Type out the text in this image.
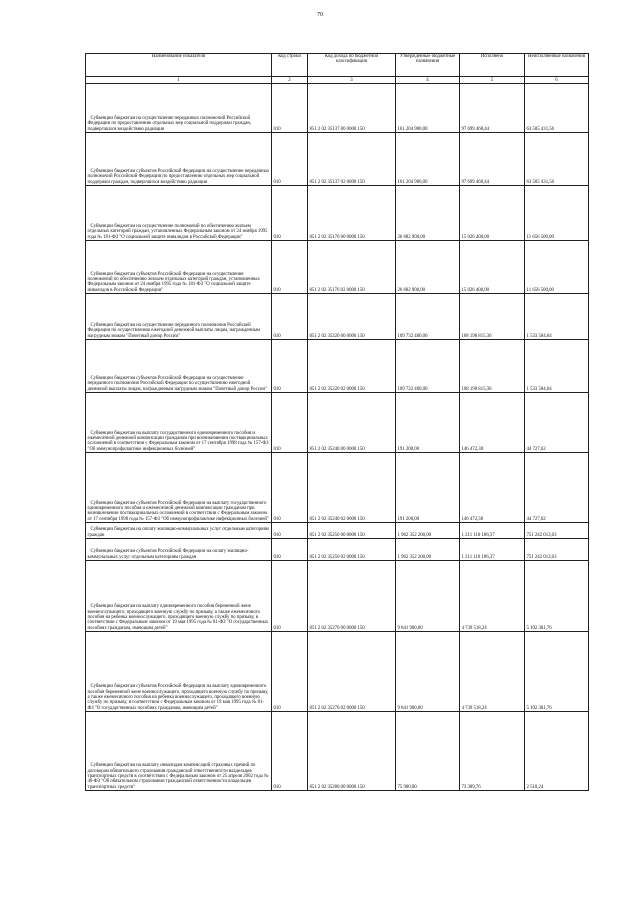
70
Наименование показателя	Код строки	Код дохода по бюджетной классификации	Утвержденные бюджетные назначения	Исполнено	Неисполненные назначения
1	2	3	4	5	6

Субвенции бюджетам на осуществление переданных полномочий Российской Федерации по предоставлению отдельных мер социальной поддержки граждан, подвергшихся воздействию радиации	010	851 2 02 35137 00 0000 150	161 204 900,00	97 699 468,44	63 505 431,56

Субвенции бюджетам субъектов Российской Федерации на осуществление переданных полномочий Российской Федерации по предоставлению отдельных мер социальной поддержки граждан, подвергшихся воздействию радиации	010	851 2 02 35137 02 0000 150	161 204 900,00	97 699 468,44	63 505 431,56

Субвенции бюджетам на осуществление полномочий по обеспечению жильем отдельных категорий граждан, установленных Федеральным законом от 24 ноября 1995 года № 181-ФЗ "О социальной защите инвалидов в Российской Федерации"	010	851 2 02 35176 00 0000 150	26 682 900,00	15 026 400,00	11 656 500,00

Субвенции бюджетам субъектов Российской Федерации на осуществление полномочий по обеспечению жильем отдельных категорий граждан, установленных Федеральным законом от 24 ноября 1995 года № 181-ФЗ "О социальной защите инвалидов в Российской Федерации"	010	851 2 02 35176 02 0000 150	26 682 900,00	15 026 400,00	11 656 500,00

Субвенции бюджетам на осуществление переданного полномочия Российской Федерации по осуществлению ежегодной денежной выплаты лицам, награжденным нагрудным знаком "Почетный донор России"	010	851 2 02 35220 00 0000 150	109 732 400,00	108 198 815,36	1 533 584,64

Субвенции бюджетам субъектов Российской Федерации на осуществление переданного полномочия Российской Федерации по осуществлению ежегодной денежной выплаты лицам, награжденным нагрудным знаком "Почетный донор России"	010	851 2 02 35220 02 0000 150	109 732 400,00	108 198 815,36	1 533 584,64

Субвенции бюджетам на выплату государственного единовременного пособия и ежемесячной денежной компенсации гражданам при возникновении поствакцинальных осложнений в соответствии с Федеральным законом от 17 сентября 1998 года № 157-ФЗ "Об иммунопрофилактике инфекционных болезней"	010	851 2 02 35240 00 0000 150	191 200,00	146 472,38	44 727,62

Субвенции бюджетам субъектов Российской Федерации на выплату государственного единовременного пособия и ежемесячной денежной компенсации гражданам при возникновении поствакцинальных осложнений в соответствии с Федеральным законом от 17 сентября 1998 года № 157-ФЗ "Об иммунопрофилактике инфекционных болезней"	010	851 2 02 35240 02 0000 150	191 200,00	146 472,38	44 727,62

Субвенции бюджетам на оплату жилищно-коммунальных услуг отдельным категориям граждан	010	851 2 02 35250 00 0000 150	1 962 352 200,00	1 211 110 186,37	751 242 013,63

Субвенции бюджетам субъектов Российской Федерации на оплату жилищно-коммунальных услуг отдельным категориям граждан	010	851 2 02 35250 02 0000 150	1 962 352 200,00	1 211 110 186,37	751 242 013,63

Субвенции бюджетам на выплату единовременного пособия беременной жене военнослужащего, проходящего военную службу по призыву, а также ежемесячного пособия на ребенка военнослужащего, проходящего военную службу по призыву, в соответствии с Федеральным законом от 19 мая 1995 года № 81-ФЗ "О государственных пособиях гражданам, имеющим детей"	010	851 2 02 35270 00 0000 150	9 841 900,00	4 739 518,24	5 102 381,76

Субвенции бюджетам субъектов Российской Федерации на выплату единовременного пособия беременной жене военнослужащего, проходящего военную службу по призыву, а также ежемесячного пособия на ребенка военнослужащего, проходящего военную службу по призыву, в соответствии с Федеральным законом от 19 мая 1995 года № 81-ФЗ "О государственных пособиях гражданам, имеющим детей"	010	851 2 02 35270 02 0000 150	9 841 900,00	4 739 518,24	5 102 381,76

Субвенции бюджетам на выплату инвалидам компенсаций страховых премий по договорам обязательного страхования гражданской ответственности владельцев транспортных средств в соответствии с Федеральным законом от 25 апреля 2002 года № 40-ФЗ "Об обязательном страховании гражданской ответственности владельцев транспортных средств"	010	851 2 02 35280 00 0000 150	75 900,00	73 389,76	2 510,24
